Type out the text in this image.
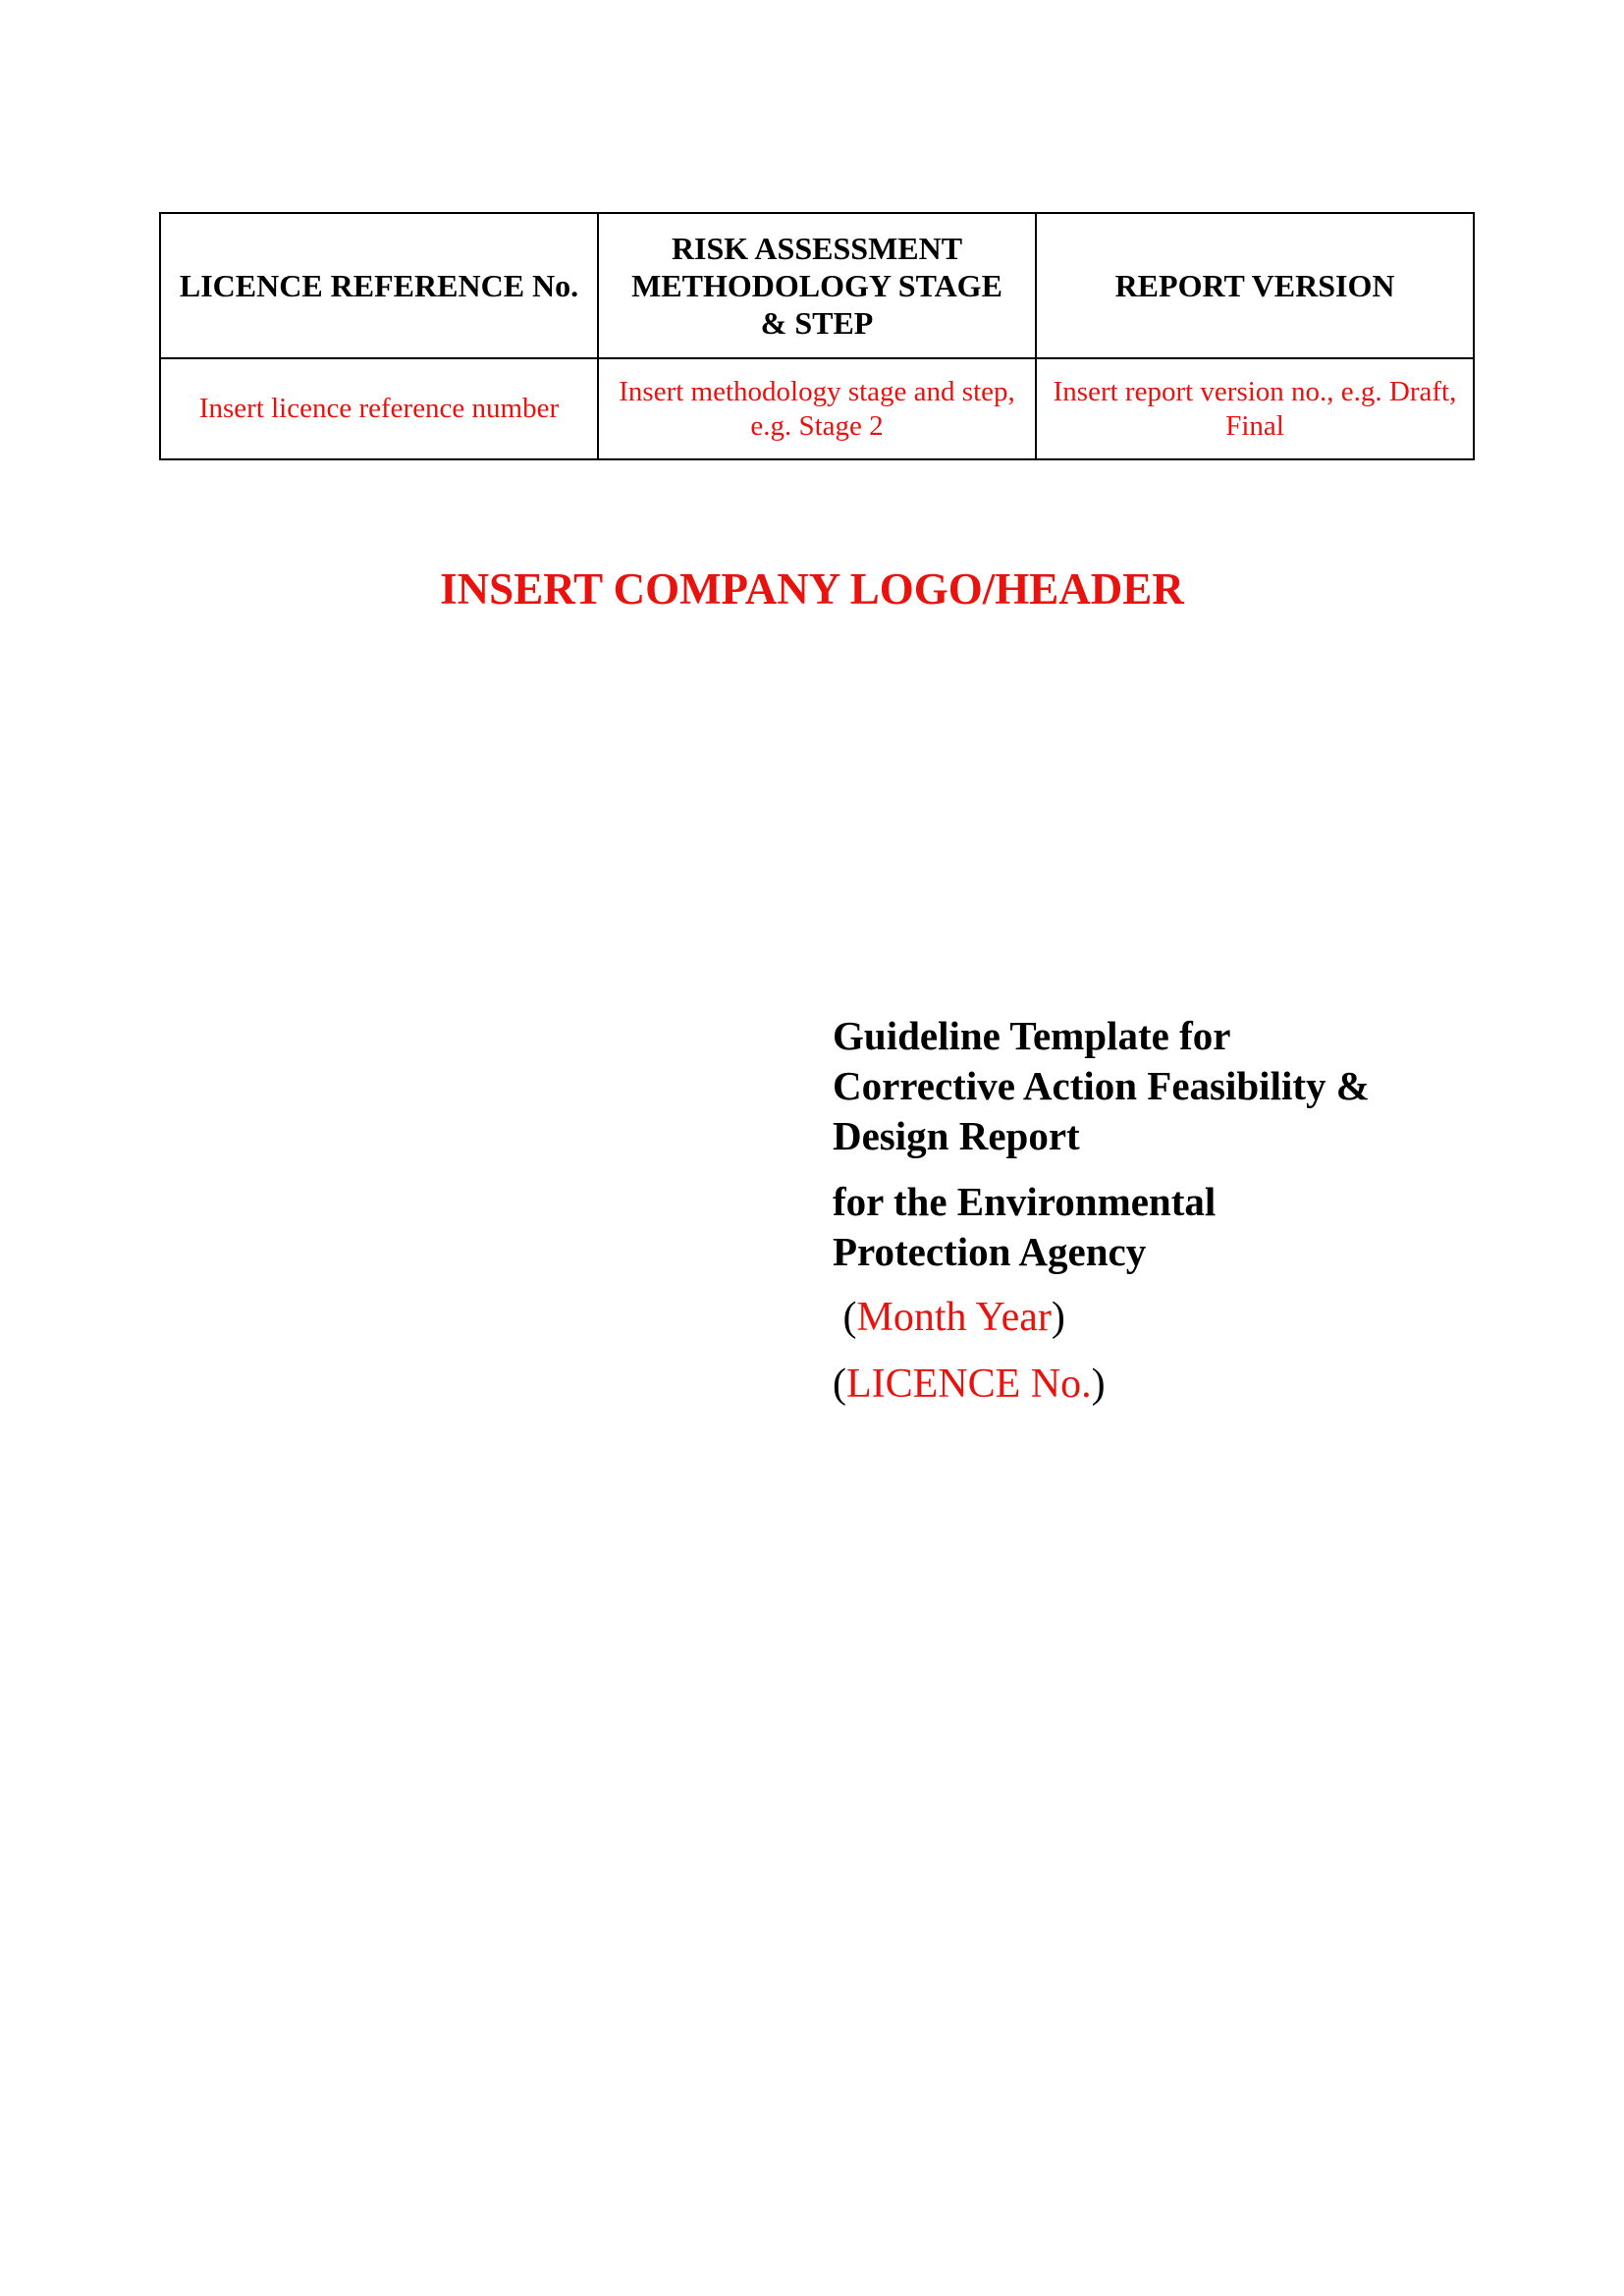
LICENCE REFERENCE No.	RISK ASSESSMENT METHODOLOGY STAGE & STEP	REPORT VERSION
Insert licence reference number	Insert methodology stage and step, e.g. Stage 2	Insert report version no., e.g. Draft, Final
INSERT COMPANY LOGO/HEADER
Guideline Template for
Corrective Action Feasibility &
Design Report
for the Environmental
Protection Agency
(Month Year)
(LICENCE No.)
